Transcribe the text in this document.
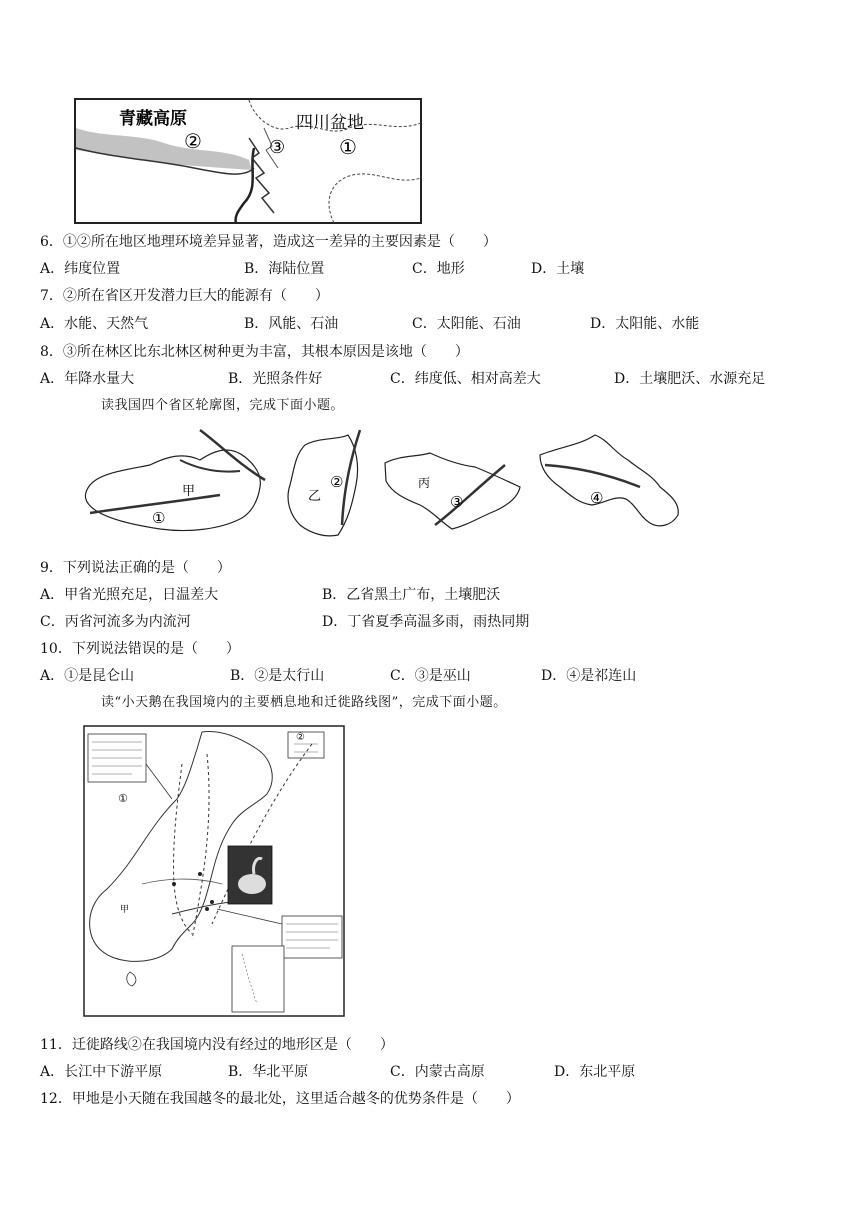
青藏高原
②
四川盆地
③	①
6．①②所在地区地理环境差异显著，造成这一差异的主要因素是（　　）
A．纬度位置	B．海陆位置	C．地形	D．土壤
7．②所在省区开发潜力巨大的能源有（　　）
A．水能、天然气	B．风能、石油	C．太阳能、石油	D．太阳能、水能
8．③所在林区比东北林区树种更为丰富，其根本原因是该地（　　）
A．年降水量大	B．光照条件好	C．纬度低、相对高差大	D．土壤肥沃、水源充足
读我国四个省区轮廓图，完成下面小题。
甲
①
乙
②	丙
③	④
9．下列说法正确的是（　　）
A．甲省光照充足，日温差大	B．乙省黑土广布，土壤肥沃
C．丙省河流多为内流河	D．丁省夏季高温多雨，雨热同期
10．下列说法错误的是（　　）
A．①是昆仑山	B．②是太行山	C．③是巫山	D．④是祁连山
读“小天鹅在我国境内的主要栖息地和迁徙路线图”，完成下面小题。
①
②
甲
11．迁徙路线②在我国境内没有经过的地形区是（　　）
A．长江中下游平原	B．华北平原	C．内蒙古高原	D．东北平原
12．甲地是小天随在我国越冬的最北处，这里适合越冬的优势条件是（　　）
